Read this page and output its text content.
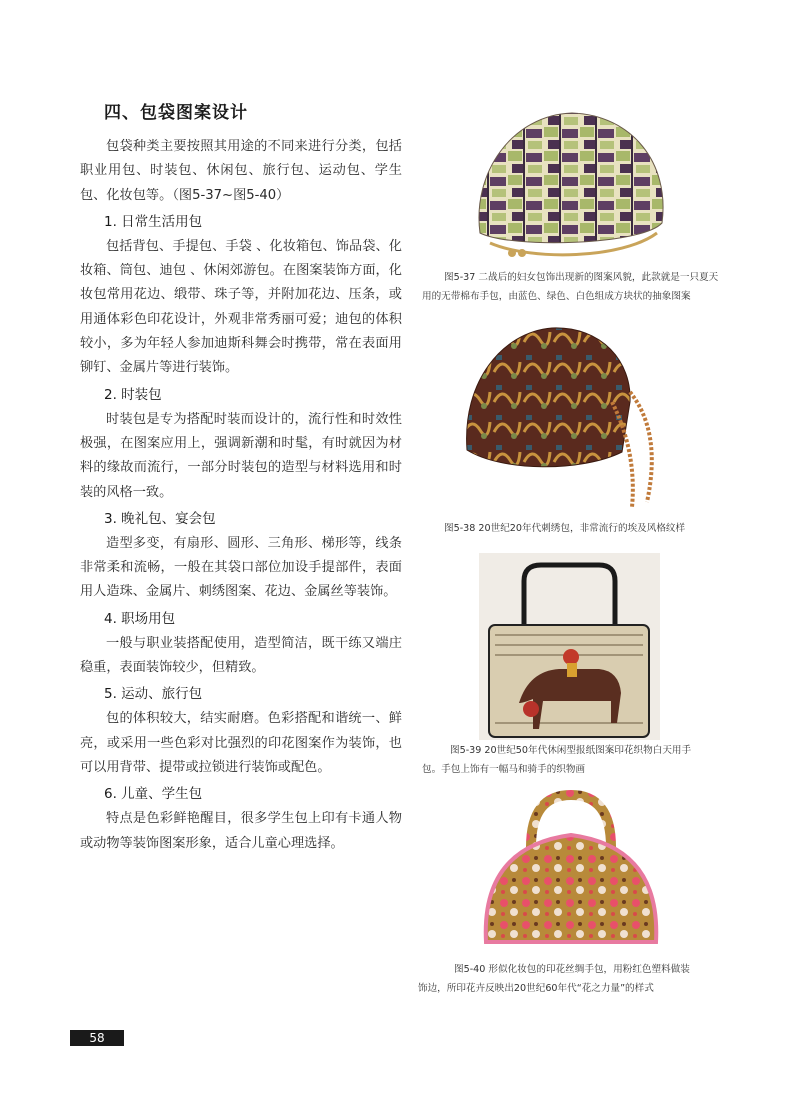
四、包袋图案设计

包袋种类主要按照其用途的不同来进行分类，包括职业用包、时装包、休闲包、旅行包、运动包、学生包、化妆包等。（图5-37~图5-40）

1. 日常生活用包

包括背包、手提包、手袋 、化妆箱包、饰品袋、化妆箱、筒包、迪包 、休闲郊游包。在图案装饰方面，化妆包常用花边、缎带、珠子等，并附加花边、压条，或用通体彩色印花设计，外观非常秀丽可爱；迪包的体积较小，多为年轻人参加迪斯科舞会时携带，常在表面用铆钉、金属片等进行装饰。

2. 时装包

时装包是专为搭配时装而设计的，流行性和时效性极强，在图案应用上，强调新潮和时髦，有时就因为材料的缘故而流行，一部分时装包的造型与材料选用和时装的风格一致。

3. 晚礼包、宴会包

造型多变，有扇形、圆形、三角形、梯形等，线条非常柔和流畅，一般在其袋口部位加设手提部件，表面用人造珠、金属片、刺绣图案、花边、金属丝等装饰。

4. 职场用包

一般与职业装搭配使用，造型简洁，既干练又端庄稳重，表面装饰较少，但精致。

5. 运动、旅行包

包的体积较大，结实耐磨。色彩搭配和谐统一、鲜亮，或采用一些色彩对比强烈的印花图案作为装饰，也可以用背带、提带或拉锁进行装饰或配色。

6. 儿童、学生包

特点是色彩鲜艳醒目，很多学生包上印有卡通人物或动物等装饰图案形象，适合儿童心理选择。

图5-37 二战后的妇女包饰出现新的图案风貌，此款就是一只夏天
用的无带棉布手包，由蓝色、绿色、白色组成方块状的抽象图案
图5-38 20世纪20年代刺绣包，非常流行的埃及风格纹样
图5-39 20世纪50年代休闲型报纸图案印花织物白天用手
包。手包上饰有一幅马和骑手的织物画
图5-40 形似化妆包的印花丝绸手包，用粉红色塑料做装
饰边，所印花卉反映出20世纪60年代“花之力量”的样式
58
